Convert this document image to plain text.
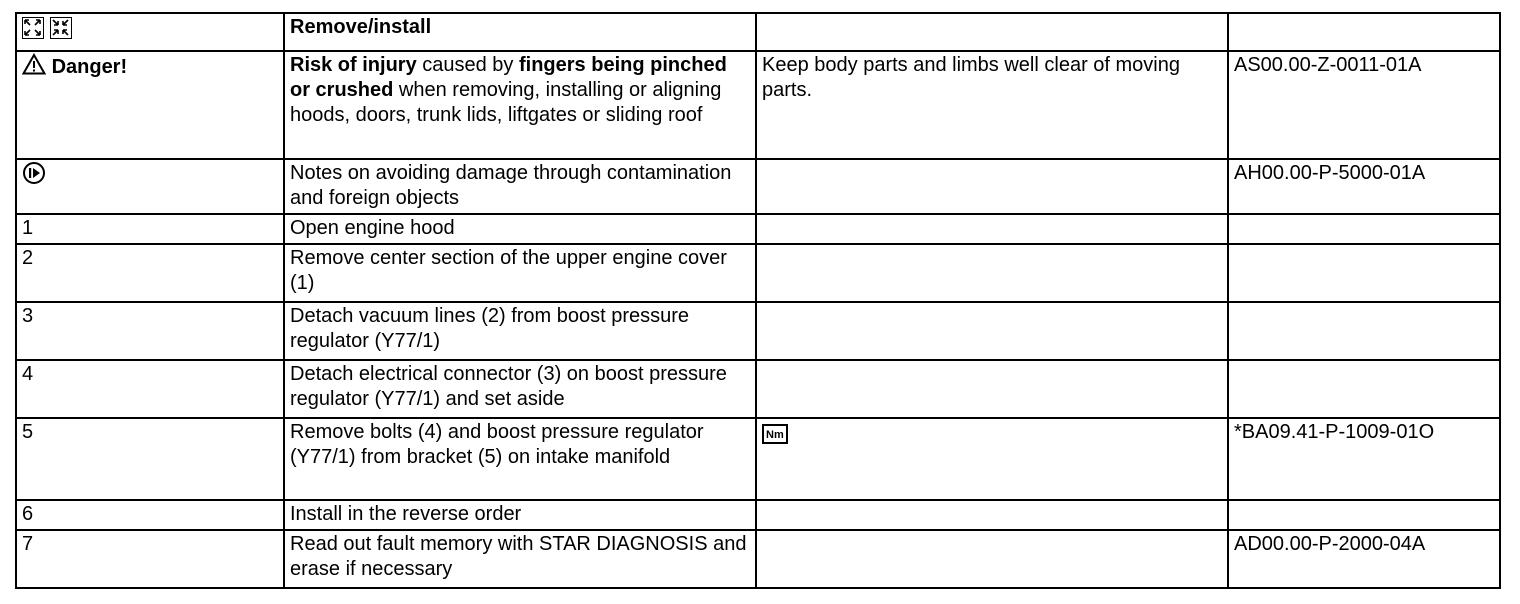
	Remove/install		
Danger!	Risk of injury caused by fingers being pinched or crushed when removing, installing or aligning hoods, doors, trunk lids, liftgates or sliding roof	Keep body parts and limbs well clear of moving parts.	AS00.00-Z-0011-01A
	Notes on avoiding damage through contamination and foreign objects		AH00.00-P-5000-01A
1	Open engine hood		
2	Remove center section of the upper engine cover (1)		
3	Detach vacuum lines (2) from boost pressure regulator (Y77/1)		
4	Detach electrical connector (3) on boost pressure regulator (Y77/1) and set aside		
5	Remove bolts (4) and boost pressure regulator (Y77/1) from bracket (5) on intake manifold	Nm	*BA09.41-P-1009-01O
6	Install in the reverse order		
7	Read out fault memory with STAR DIAGNOSIS and erase if necessary		AD00.00-P-2000-04A
